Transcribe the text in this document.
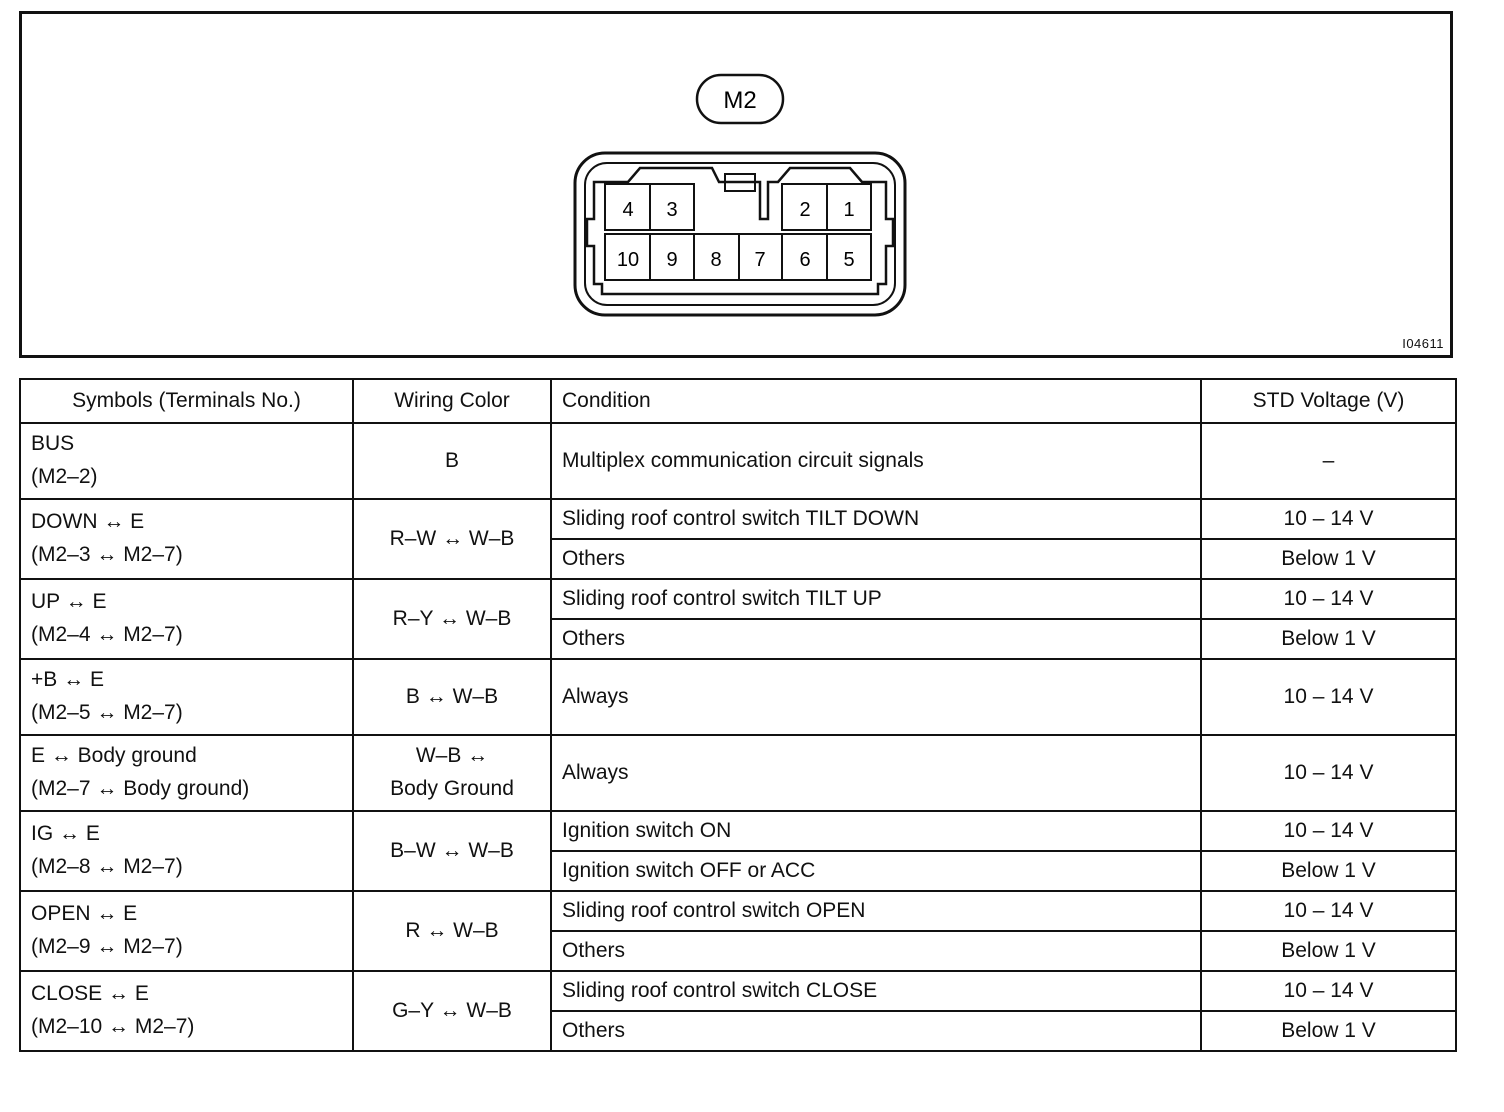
M2
4 3	2 1
10 9 8 7 6 5
I04611
Symbols (Terminals No.)	Wiring Color	Condition	STD Voltage (V)

BUS
(M2–2)	B	Multiplex communication circuit signals	–

DOWN ↔ E
(M2–3 ↔ M2–7)	R–W ↔ W–B	Sliding roof control switch TILT DOWN	10 – 14 V
		Others	Below 1 V

UP ↔ E
(M2–4 ↔ M2–7)	R–Y ↔ W–B	Sliding roof control switch TILT UP	10 – 14 V
		Others	Below 1 V

+B ↔ E
(M2–5 ↔ M2–7)	B ↔ W–B	Always	10 – 14 V

E ↔ Body ground
(M2–7 ↔ Body ground)	W–B ↔
Body Ground	Always	10 – 14 V

IG ↔ E
(M2–8 ↔ M2–7)	B–W ↔ W–B	Ignition switch ON	10 – 14 V
		Ignition switch OFF or ACC	Below 1 V

OPEN ↔ E
(M2–9 ↔ M2–7)	R ↔ W–B	Sliding roof control switch OPEN	10 – 14 V
		Others	Below 1 V

CLOSE ↔ E
(M2–10 ↔ M2–7)	G–Y ↔ W–B	Sliding roof control switch CLOSE	10 – 14 V
		Others	Below 1 V
